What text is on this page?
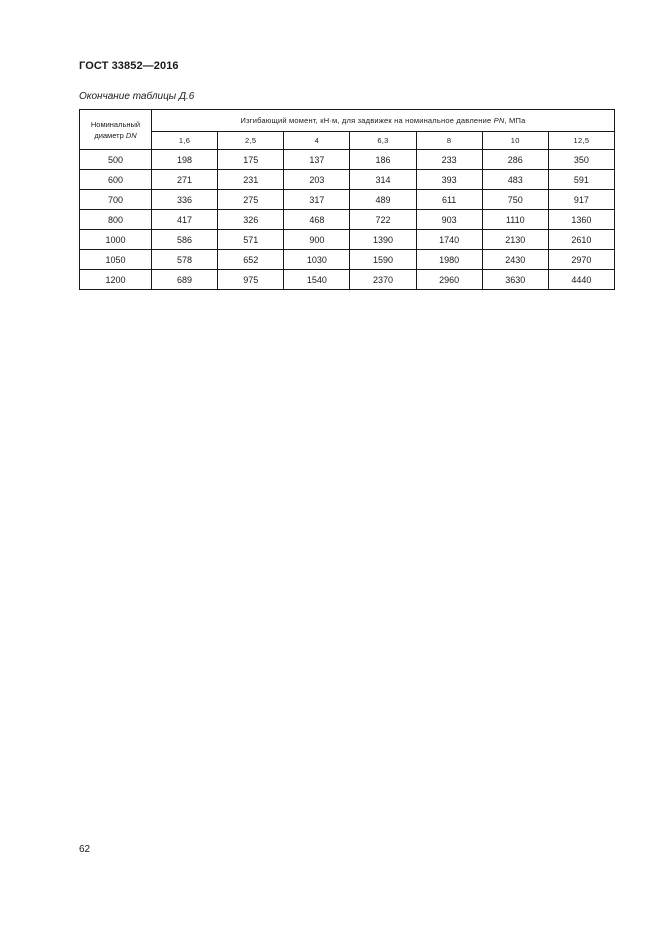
ГОСТ 33852—2016
Окончание таблицы Д.6
Номинальный
диаметр DN	Изгибающий момент, кН·м, для задвижек на номинальное давление PN, МПа						
	1,6	2,5	4	6,3	8	10	12,5
500	198	175	137	186	233	286	350
600	271	231	203	314	393	483	591
700	336	275	317	489	611	750	917
800	417	326	468	722	903	1110	1360
1000	586	571	900	1390	1740	2130	2610
1050	578	652	1030	1590	1980	2430	2970
1200	689	975	1540	2370	2960	3630	4440
62
